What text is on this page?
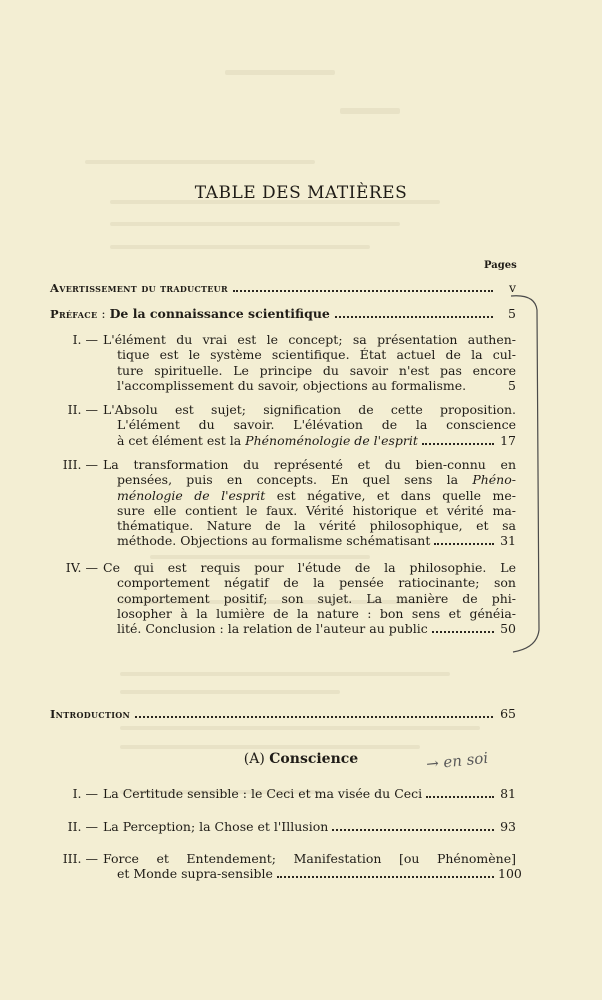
TABLE DES MATIÈRES
Pages
Avertissement du traducteur	v
Préface : De la connaissance scientifique	5
I. — L'élément du vrai est le concept; sa présentation authen-
tique est le système scientifique. État actuel de la cul-
ture spirituelle. Le principe du savoir n'est pas encore
l'accomplissement du savoir, objections au formalisme.	5
II. — L'Absolu est sujet; signification de cette proposition.
L'élément du savoir. L'élévation de la conscience
à cet élément est la Phénoménologie de l'esprit	17
III. — La transformation du représenté et du bien-connu en
pensées, puis en concepts. En quel sens la Phéno-
ménologie de l'esprit est négative, et dans quelle me-
sure elle contient le faux. Vérité historique et vérité ma-
thématique. Nature de la vérité philosophique, et sa
méthode. Objections au formalisme schématisant	31
IV. — Ce qui est requis pour l'étude de la philosophie. Le
comportement négatif de la pensée ratiocinante; son
comportement positif; son sujet. La manière de phi-
losopher à la lumière de la nature : bon sens et généia-
lité. Conclusion : la relation de l'auteur au public	50
Introduction	65
(A) Conscience	→ en soi
I. — La Certitude sensible : le Ceci et ma visée du Ceci	81
II. — La Perception; la Chose et l'Illusion	93
III. — Force et Entendement; Manifestation [ou Phénomène]
et Monde supra-sensible	100
